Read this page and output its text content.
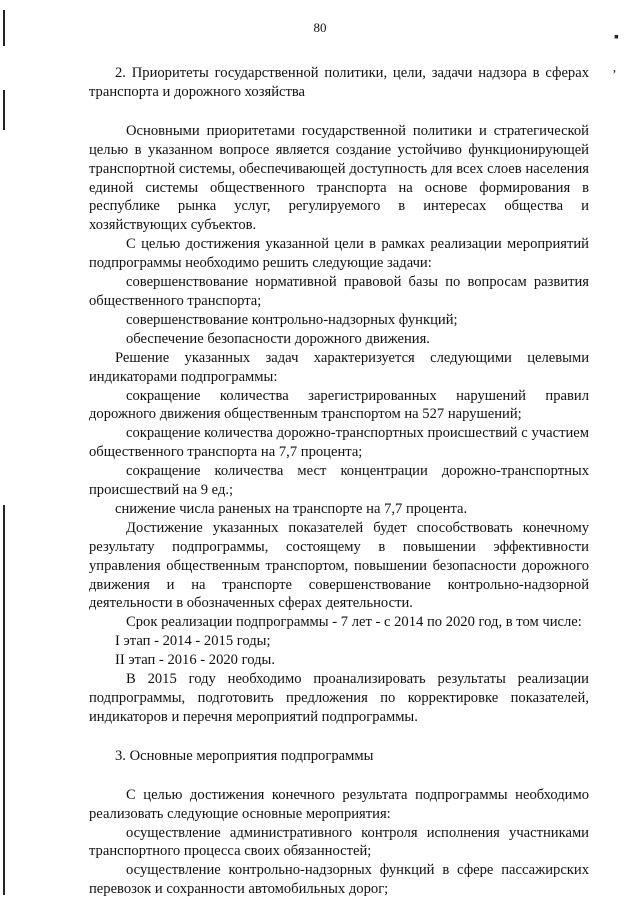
80
▪
’

2. Приоритеты государственной политики, цели, задачи надзора в сферах транспорта и дорожного хозяйства

Основными приоритетами государственной политики и стратегической целью в указанном вопросе является создание устойчиво функционирующей транспортной системы, обеспечивающей доступность для всех слоев населения единой системы общественного транспорта на основе формирования в республике рынка услуг, регулируемого в интересах общества и хозяйствующих субъектов.

С целью достижения указанной цели в рамках реализации мероприятий подпрограммы необходимо решить следующие задачи:

совершенствование нормативной правовой базы по вопросам развития общественного транспорта;

совершенствование контрольно-надзорных функций;

обеспечение безопасности дорожного движения.

Решение указанных задач характеризуется следующими целевыми индикаторами подпрограммы:

сокращение количества зарегистрированных нарушений правил дорожного движения общественным транспортом на 527 нарушений;

сокращение количества дорожно-транспортных происшествий с участием общественного транспорта на 7,7 процента;

сокращение количества мест концентрации дорожно-транспортных происшествий на 9 ед.;

снижение числа раненых на транспорте на 7,7 процента.

Достижение указанных показателей будет способствовать конечному результату подпрограммы, состоящему в повышении эффективности управления общественным транспортом, повышении безопасности дорожного движения и на транспорте совершенствование контрольно-надзорной деятельности в обозначенных сферах деятельности.

Срок реализации подпрограммы - 7 лет - с 2014 по 2020 год, в том числе:

I этап - 2014 - 2015 годы;

II этап - 2016 - 2020 годы.

В 2015 году необходимо проанализировать результаты реализации подпрограммы, подготовить предложения по корректировке показателей, индикаторов и перечня мероприятий подпрограммы.

3. Основные мероприятия подпрограммы

С целью достижения конечного результата подпрограммы необходимо реализовать следующие основные мероприятия:

осуществление административного контроля исполнения участниками транспортного процесса своих обязанностей;

осуществление контрольно-надзорных функций в сфере пассажирских перевозок и сохранности автомобильных дорог;
